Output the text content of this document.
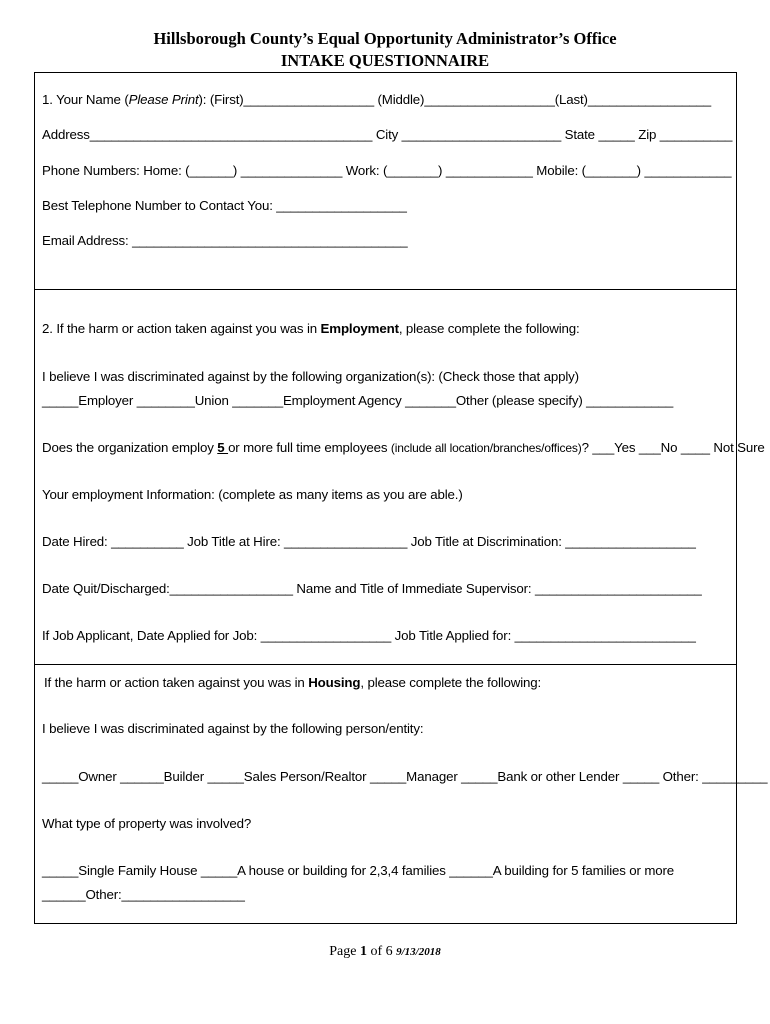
Hillsborough County’s Equal Opportunity Administrator’s Office
INTAKE QUESTIONNAIRE
1. Your Name (Please Print): (First)__________________ (Middle)__________________(Last)_________________
Address_______________________________________ City ______________________ State _____ Zip __________
Phone Numbers: Home: (______) ______________ Work: (_______) ____________ Mobile: (_______) ____________
Best Telephone Number to Contact You: __________________
Email Address: ______________________________________
2. If the harm or action taken against you was in Employment, please complete the following:
I believe I was discriminated against by the following organization(s): (Check those that apply)
_____Employer ________Union _______Employment Agency _______Other (please specify) ____________
Does the organization employ 5 or more full time employees (include all location/branches/offices)? ___Yes ___No ____ Not Sure
Your employment Information: (complete as many items as you are able.)
Date Hired: __________ Job Title at Hire: _________________ Job Title at Discrimination: __________________
Date Quit/Discharged:_________________ Name and Title of Immediate Supervisor: _______________________
If Job Applicant, Date Applied for Job: __________________ Job Title Applied for: _________________________
If the harm or action taken against you was in Housing, please complete the following:
I believe I was discriminated against by the following person/entity:
_____Owner ______Builder _____Sales Person/Realtor _____Manager _____Bank or other Lender _____ Other: _________
What type of property was involved?
_____Single Family House _____A house or building for 2,3,4 families ______A building for 5 families or more
______Other:_________________
Page 1 of 6 9/13/2018
